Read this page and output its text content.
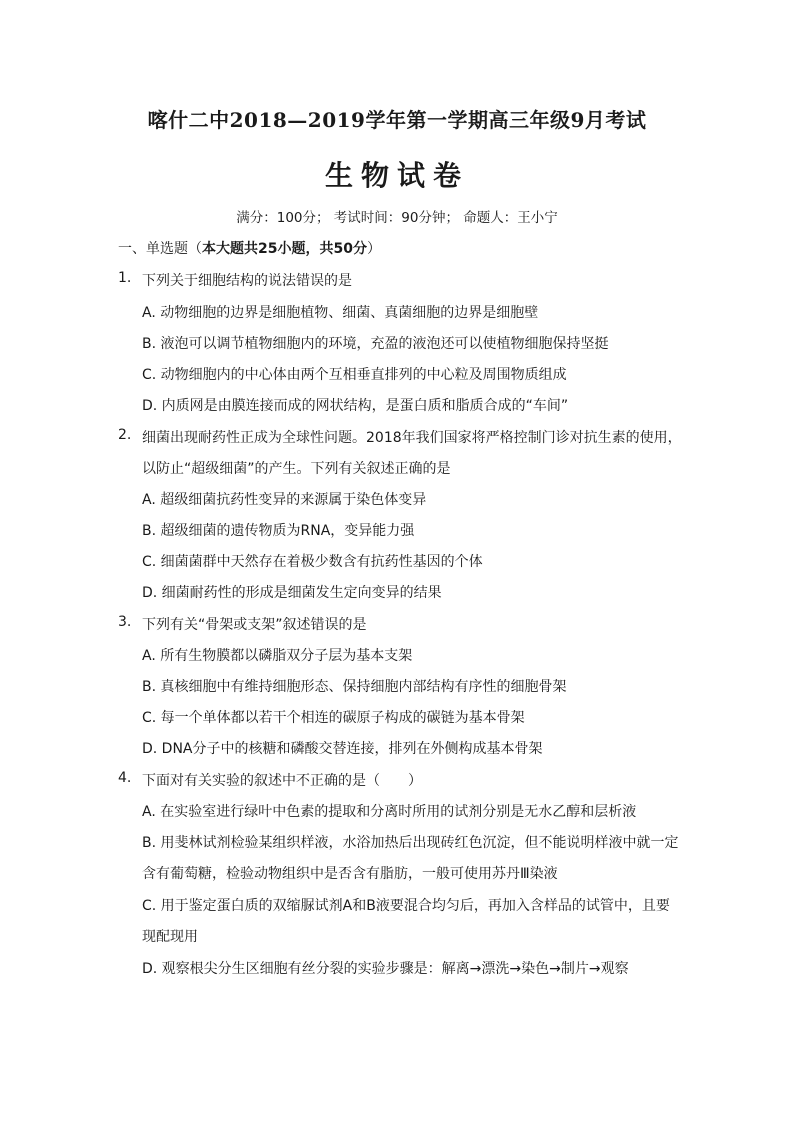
喀什二中2018—2019学年第一学期高三年级9月考试
生物试卷
满分：100分； 考试时间：90分钟； 命题人：王小宁
一、单选题（本大题共25小题，共50分）
1. 下列关于细胞结构的说法错误的是
A. 动物细胞的边界是细胞植物、细菌、真菌细胞的边界是细胞壁
B. 液泡可以调节植物细胞内的环境，充盈的液泡还可以使植物细胞保持坚挺
C. 动物细胞内的中心体由两个互相垂直排列的中心粒及周围物质组成
D. 内质网是由膜连接而成的网状结构，是蛋白质和脂质合成的“车间”
2. 细菌出现耐药性正成为全球性问题。2018年我们国家将严格控制门诊对抗生素的使用，
以防止“超级细菌”的产生。下列有关叙述正确的是
A. 超级细菌抗药性变异的来源属于染色体变异
B. 超级细菌的遗传物质为RNA，变异能力强
C. 细菌菌群中天然存在着极少数含有抗药性基因的个体
D. 细菌耐药性的形成是细菌发生定向变异的结果
3. 下列有关“骨架或支架”叙述错误的是
A. 所有生物膜都以磷脂双分子层为基本支架
B. 真核细胞中有维持细胞形态、保持细胞内部结构有序性的细胞骨架
C. 每一个单体都以若干个相连的碳原子构成的碳链为基本骨架
D. DNA分子中的核糖和磷酸交替连接，排列在外侧构成基本骨架
4. 下面对有关实验的叙述中不正确的是（　　）
A. 在实验室进行绿叶中色素的提取和分离时所用的试剂分别是无水乙醇和层析液
B. 用斐林试剂检验某组织样液，水浴加热后出现砖红色沉淀，但不能说明样液中就一定
含有葡萄糖，检验动物组织中是否含有脂肪，一般可使用苏丹Ⅲ染液
C. 用于鉴定蛋白质的双缩脲试剂A和B液要混合均匀后，再加入含样品的试管中，且要
现配现用
D. 观察根尖分生区细胞有丝分裂的实验步骤是：解离→漂洗→染色→制片→观察
